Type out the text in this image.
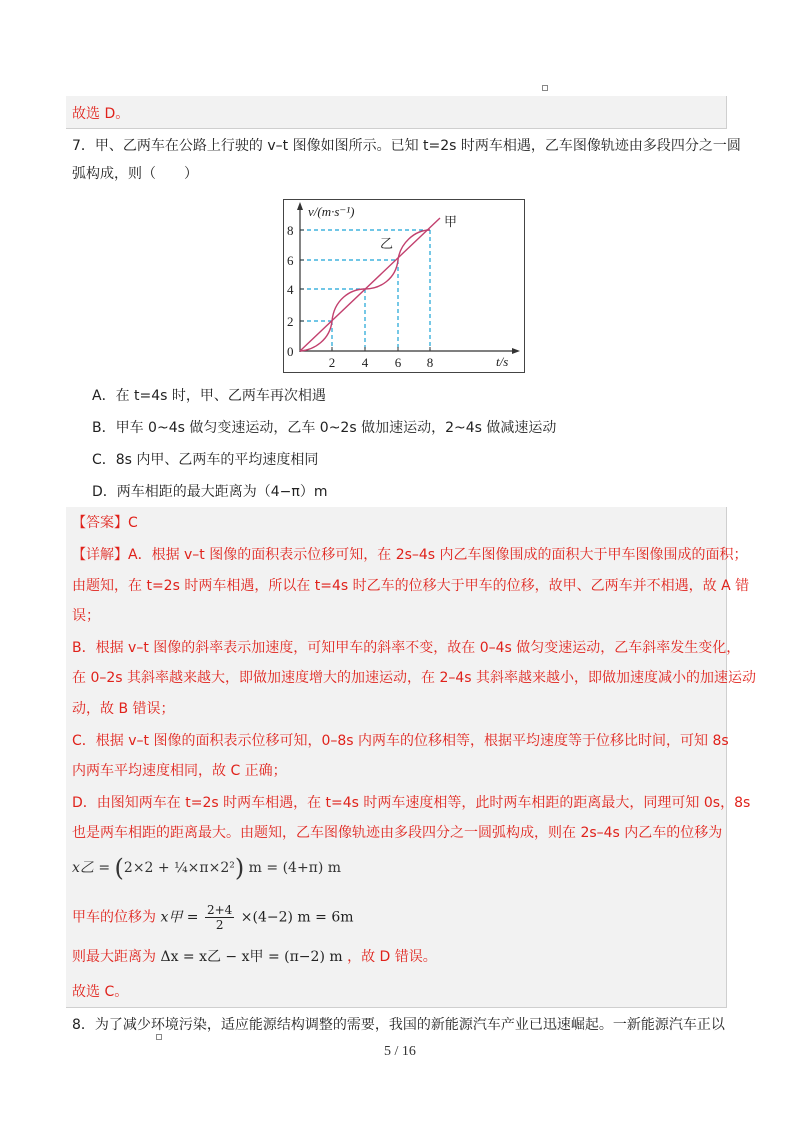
故选 D。
7．甲、乙两车在公路上行驶的 v–t 图像如图所示。已知 t=2s 时两车相遇，乙车图像轨迹由多段四分之一圆
弧构成，则（　　）
v/(m·s⁻¹)
t/s
甲
乙
0
2 4 6 8
2
4
6
8
A．在 t=4s 时，甲、乙两车再次相遇
B．甲车 0~4s 做匀变速运动，乙车 0~2s 做加速运动，2~4s 做减速运动
C．8s 内甲、乙两车的平均速度相同
D．两车相距的最大距离为（4−π）m
【答案】C
【详解】A．根据 v–t 图像的面积表示位移可知，在 2s–4s 内乙车图像围成的面积大于甲车图像围成的面积；
由题知，在 t=2s 时两车相遇，所以在 t=4s 时乙车的位移大于甲车的位移，故甲、乙两车并不相遇，故 A 错
误；
B．根据 v–t 图像的斜率表示加速度，可知甲车的斜率不变，故在 0–4s 做匀变速运动，乙车斜率发生变化，
在 0–2s 其斜率越来越大，即做加速度增大的加速运动，在 2–4s 其斜率越来越小，即做加速度减小的加速运动
动，故 B 错误；
C．根据 v–t 图像的面积表示位移可知，0–8s 内两车的位移相等，根据平均速度等于位移比时间，可知 8s
内两车平均速度相同，故 C 正确；
D．由图知两车在 t=2s 时两车相遇，在 t=4s 时两车速度相等，此时两车相距的距离最大，同理可知 0s，8s
也是两车相距的距离最大。由题知，乙车图像轨迹由多段四分之一圆弧构成，则在 2s–4s 内乙车的位移为
x乙 = (2×2 + ¼×π×2²) m = (4+π) m
甲车的位移为 x甲 = $\frac{2+4}{2} \times(4-2) m = 6m$
则最大距离为 Δx = x乙 − x甲 = (π−2) m ，故 D 错误。
故选 C。
8．为了减少环境污染，适应能源结构调整的需要，我国的新能源汽车产业已迅速崛起。一新能源汽车正以
5 / 16
